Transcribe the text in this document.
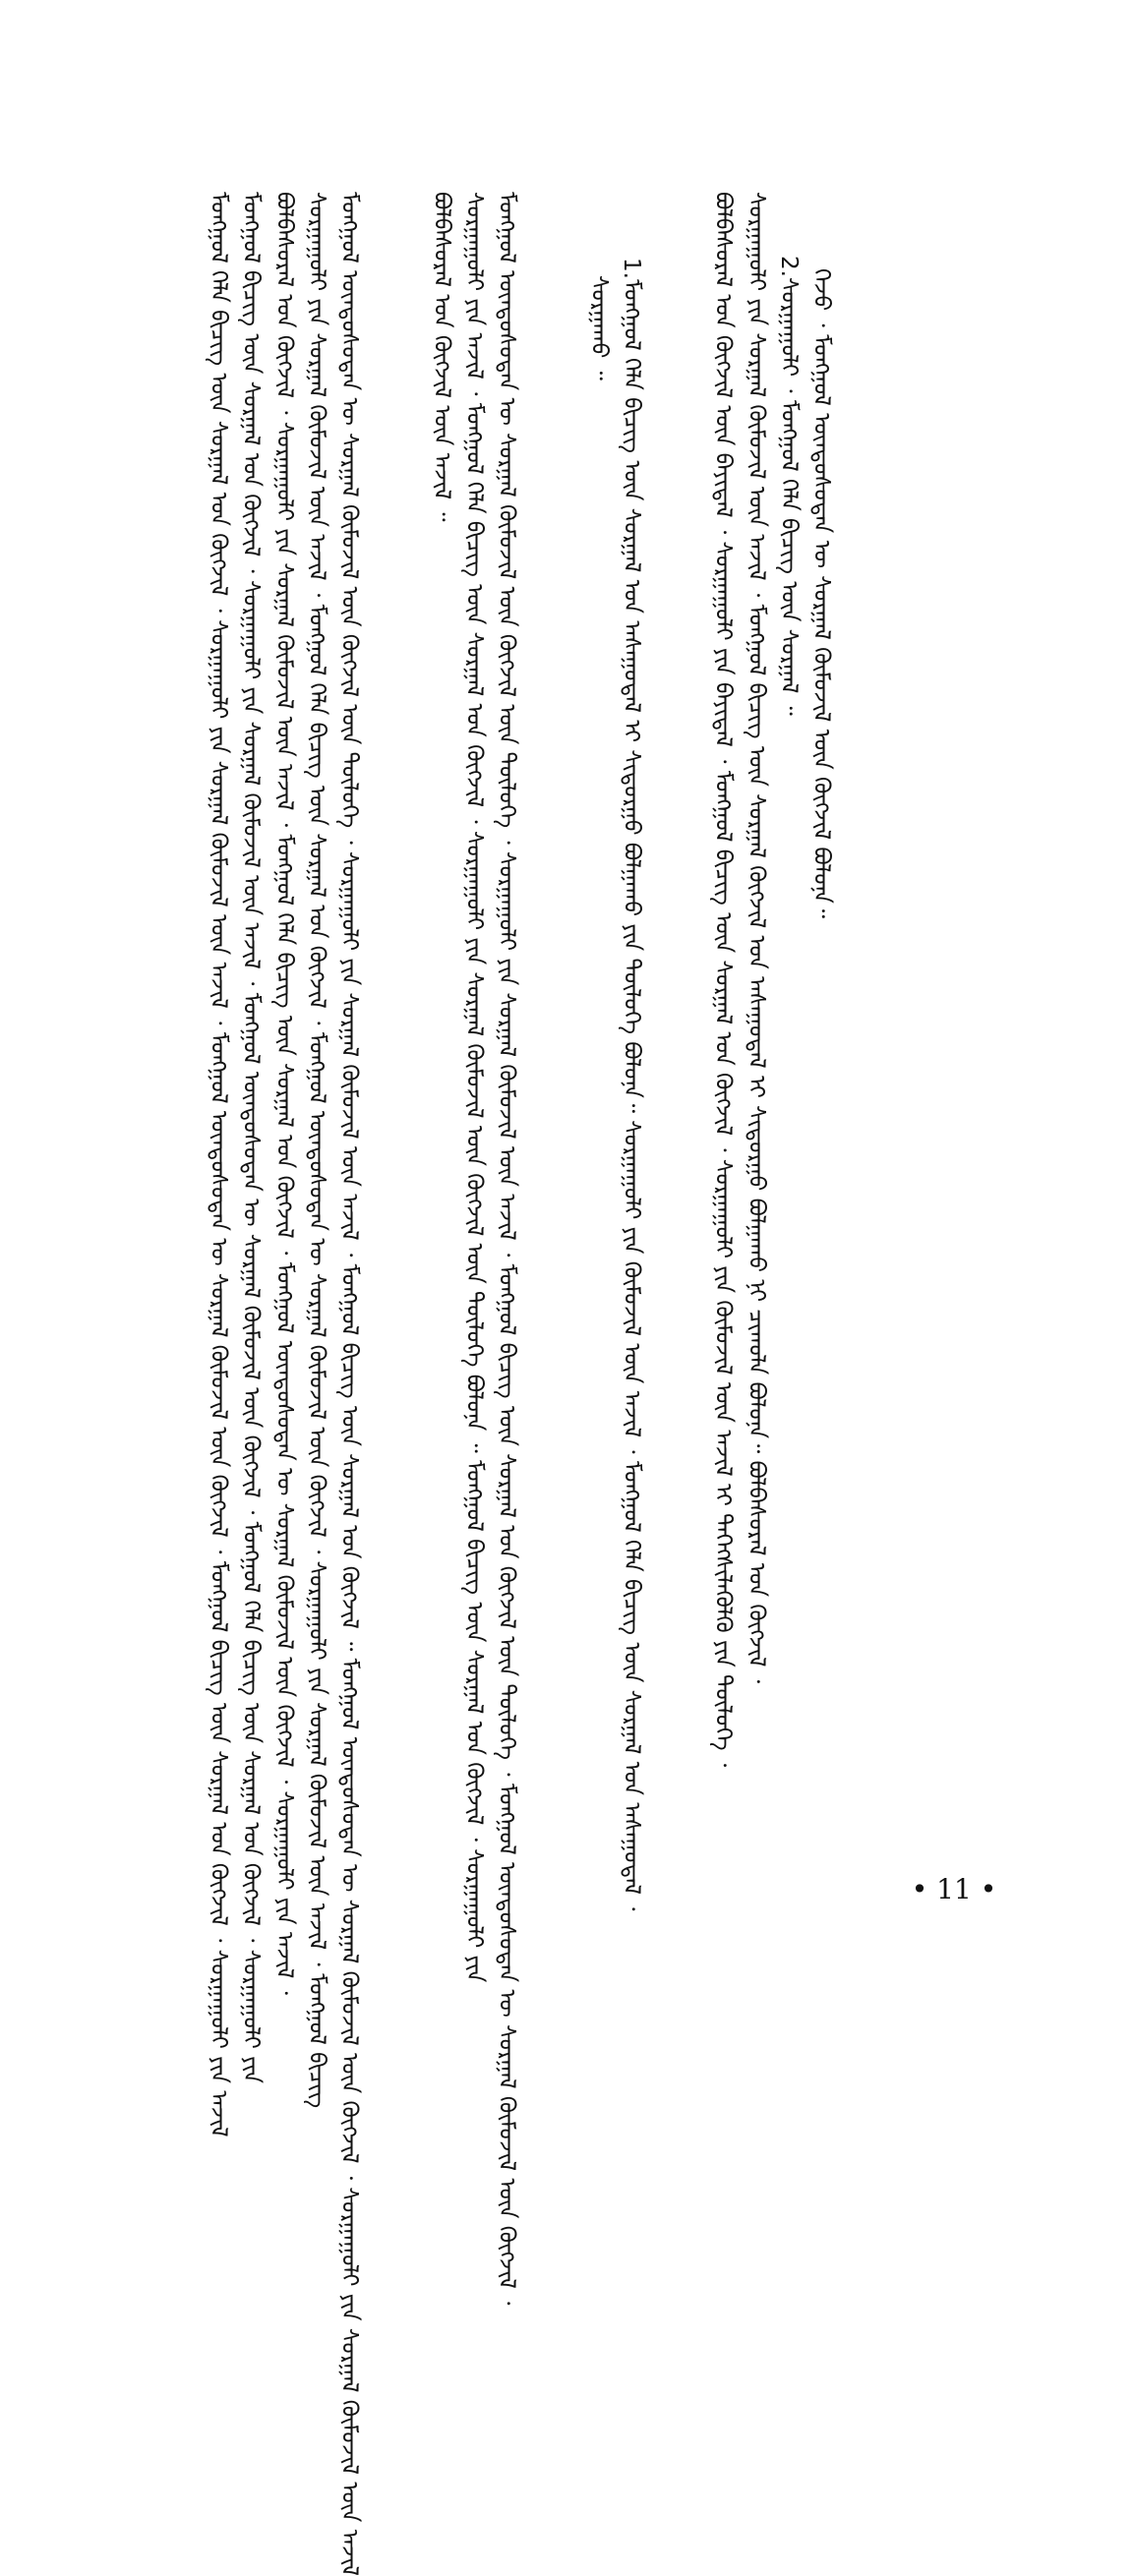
ᠬᠡᠵᠦ ᠂ ᠮᠣᠩᠭᠣᠯ ᠦᠨᠳᠦᠰᠦᠲᠡᠨ ᠦ ᠰᠤᠷᠭᠠᠯ ᠬᠦᠮᠦᠵᠢᠯ ᠦᠨ ᠬᠥᠭᠵᠢᠯ ᠪᠣᠯᠤᠨᠠ᠃
2.ᠰᠤᠷᠭᠠᠭᠤᠯᠢ ᠂ ᠮᠣᠩᠭᠣᠯ ᠬᠡᠯᠡ ᠪᠢᠴᠢᠭ ᠦᠨ ᠰᠤᠷᠭᠠᠯ ᠃
ᠰᠤᠷᠭᠠᠭᠤᠯᠢ ᠶᠢᠨ ᠰᠤᠷᠭᠠᠯ ᠬᠦᠮᠦᠵᠢᠯ ᠦᠨ ᠠᠵᠢᠯ ᠂ ᠮᠣᠩᠭᠣᠯ ᠪᠢᠴᠢᠭ ᠦᠨ ᠰᠤᠷᠭᠠᠯ ᠬᠥᠭᠵᠢᠯ ᠤᠨ ᠠᠰᠠᠭᠤᠳᠠᠯ ᠢ ᠰᠢᠳᠤᠷᠭᠤ ᠪᠣᠯᠭᠠᠬᠤ ᠨᠢ ᠴᠢᠬᠤᠯᠠ ᠪᠣᠯᠤᠨᠠ᠃ ᠪᠣᠯᠪᠠᠰᠤᠷᠠᠯ ᠤᠨ ᠬᠥᠭᠵᠢᠯ ᠂
ᠪᠣᠯᠪᠠᠰᠤᠷᠠᠯ ᠤᠨ ᠬᠥᠭᠵᠢᠯ ᠦᠨ ᠪᠠᠶᠢᠳᠠᠯ ᠂ ᠰᠤᠷᠭᠠᠭᠤᠯᠢ ᠶᠢᠨ ᠪᠠᠶᠢᠳᠠᠯ ᠂ ᠮᠣᠩᠭᠣᠯ ᠪᠢᠴᠢᠭ ᠦᠨ ᠰᠤᠷᠭᠠᠯ ᠤᠨ ᠬᠥᠭᠵᠢᠯ ᠂ ᠰᠤᠷᠭᠠᠭᠤᠯᠢ ᠶᠢᠨ ᠬᠦᠮᠦᠵᠢᠯ ᠦᠨ ᠠᠵᠢᠯ ᠢ ᠳᠡᠭᠡᠭᠰᠢᠯᠡᠭᠦᠯᠬᠦ ᠶᠢᠨ ᠲᠥᠯᠥᠭᠡ ᠂
1.ᠮᠣᠩᠭᠣᠯ ᠬᠡᠯᠡ ᠪᠢᠴᠢᠭ ᠦᠨ ᠰᠤᠷᠭᠠᠯ ᠤᠨ ᠠᠰᠠᠭᠤᠳᠠᠯ ᠢ ᠰᠢᠳᠤᠷᠭᠤ ᠪᠣᠯᠭᠠᠬᠤ ᠶᠢᠨ ᠲᠥᠯᠥᠭᠡ ᠪᠣᠯᠤᠨᠠ᠃ ᠰᠤᠷᠭᠠᠭᠤᠯᠢ ᠶᠢᠨ ᠬᠦᠮᠦᠵᠢᠯ ᠦᠨ ᠠᠵᠢᠯ ᠂ ᠮᠣᠩᠭᠣᠯ ᠬᠡᠯᠡ ᠪᠢᠴᠢᠭ ᠦᠨ ᠰᠤᠷᠭᠠᠯ ᠤᠨ ᠠᠰᠠᠭᠤᠳᠠᠯ ᠂
ᠰᠤᠷᠭᠠᠬᠤ ᠃
ᠮᠣᠩᠭᠣᠯ ᠦᠨᠳᠦᠰᠦᠲᠡᠨ ᠦ ᠰᠤᠷᠭᠠᠯ ᠬᠦᠮᠦᠵᠢᠯ ᠦᠨ ᠬᠥᠭᠵᠢᠯ ᠦᠨ ᠲᠥᠯᠥᠭᠡ ᠂ ᠰᠤᠷᠭᠠᠭᠤᠯᠢ ᠶᠢᠨ ᠰᠤᠷᠭᠠᠯ ᠬᠦᠮᠦᠵᠢᠯ ᠦᠨ ᠠᠵᠢᠯ ᠂ ᠮᠣᠩᠭᠣᠯ ᠪᠢᠴᠢᠭ ᠦᠨ ᠰᠤᠷᠭᠠᠯ ᠤᠨ ᠬᠥᠭᠵᠢᠯ ᠦᠨ ᠲᠥᠯᠥᠭᠡ ᠂ ᠮᠣᠩᠭᠣᠯ ᠦᠨᠳᠦᠰᠦᠲᠡᠨ ᠦ ᠰᠤᠷᠭᠠᠯ ᠬᠦᠮᠦᠵᠢᠯ ᠦᠨ ᠬᠥᠭᠵᠢᠯ ᠂
ᠰᠤᠷᠭᠠᠭᠤᠯᠢ ᠶᠢᠨ ᠠᠵᠢᠯ ᠂ ᠮᠣᠩᠭᠣᠯ ᠬᠡᠯᠡ ᠪᠢᠴᠢᠭ ᠦᠨ ᠰᠤᠷᠭᠠᠯ ᠤᠨ ᠬᠥᠭᠵᠢᠯ ᠂ ᠰᠤᠷᠭᠠᠭᠤᠯᠢ ᠶᠢᠨ ᠰᠤᠷᠭᠠᠯ ᠬᠦᠮᠦᠵᠢᠯ ᠦᠨ ᠬᠥᠭᠵᠢᠯ ᠦᠨ ᠲᠥᠯᠥᠭᠡ ᠪᠣᠯᠤᠨᠠ ᠃ ᠮᠣᠩᠭᠣᠯ ᠪᠢᠴᠢᠭ ᠦᠨ ᠰᠤᠷᠭᠠᠯ ᠤᠨ ᠬᠥᠭᠵᠢᠯ ᠂ ᠰᠤᠷᠭᠠᠭᠤᠯᠢ ᠶᠢᠨ
ᠪᠣᠯᠪᠠᠰᠤᠷᠠᠯ ᠤᠨ ᠬᠥᠭᠵᠢᠯ ᠦᠨ ᠠᠵᠢᠯ ᠃
ᠮᠣᠩᠭᠣᠯ ᠦᠨᠳᠦᠰᠦᠲᠡᠨ ᠦ ᠰᠤᠷᠭᠠᠯ ᠬᠦᠮᠦᠵᠢᠯ ᠦᠨ ᠬᠥᠭᠵᠢᠯ ᠦᠨ ᠲᠥᠯᠥᠭᠡ ᠂ ᠰᠤᠷᠭᠠᠭᠤᠯᠢ ᠶᠢᠨ ᠰᠤᠷᠭᠠᠯ ᠬᠦᠮᠦᠵᠢᠯ ᠦᠨ ᠠᠵᠢᠯ ᠂ ᠮᠣᠩᠭᠣᠯ ᠪᠢᠴᠢᠭ ᠦᠨ ᠰᠤᠷᠭᠠᠯ ᠤᠨ ᠬᠥᠭᠵᠢᠯ ᠃ ᠮᠣᠩᠭᠣᠯ ᠦᠨᠳᠦᠰᠦᠲᠡᠨ ᠦ ᠰᠤᠷᠭᠠᠯ ᠬᠦᠮᠦᠵᠢᠯ ᠦᠨ ᠬᠥᠭᠵᠢᠯ ᠂ ᠰᠤᠷᠭᠠᠭᠤᠯᠢ ᠶᠢᠨ ᠰᠤᠷᠭᠠᠯ ᠬᠦᠮᠦᠵᠢᠯ ᠦᠨ ᠠᠵᠢᠯ
ᠰᠤᠷᠭᠠᠭᠤᠯᠢ ᠶᠢᠨ ᠰᠤᠷᠭᠠᠯ ᠬᠦᠮᠦᠵᠢᠯ ᠦᠨ ᠠᠵᠢᠯ ᠂ ᠮᠣᠩᠭᠣᠯ ᠬᠡᠯᠡ ᠪᠢᠴᠢᠭ ᠦᠨ ᠰᠤᠷᠭᠠᠯ ᠤᠨ ᠬᠥᠭᠵᠢᠯ ᠂ ᠮᠣᠩᠭᠣᠯ ᠦᠨᠳᠦᠰᠦᠲᠡᠨ ᠦ ᠰᠤᠷᠭᠠᠯ ᠬᠦᠮᠦᠵᠢᠯ ᠦᠨ ᠬᠥᠭᠵᠢᠯ ᠂ ᠰᠤᠷᠭᠠᠭᠤᠯᠢ ᠶᠢᠨ ᠰᠤᠷᠭᠠᠯ ᠬᠦᠮᠦᠵᠢᠯ ᠦᠨ ᠠᠵᠢᠯ ᠂ ᠮᠣᠩᠭᠣᠯ ᠪᠢᠴᠢᠭ
ᠪᠣᠯᠪᠠᠰᠤᠷᠠᠯ ᠤᠨ ᠬᠥᠭᠵᠢᠯ ᠂ ᠰᠤᠷᠭᠠᠭᠤᠯᠢ ᠶᠢᠨ ᠰᠤᠷᠭᠠᠯ ᠬᠦᠮᠦᠵᠢᠯ ᠦᠨ ᠠᠵᠢᠯ ᠂ ᠮᠣᠩᠭᠣᠯ ᠬᠡᠯᠡ ᠪᠢᠴᠢᠭ ᠦᠨ ᠰᠤᠷᠭᠠᠯ ᠤᠨ ᠬᠥᠭᠵᠢᠯ ᠂ ᠮᠣᠩᠭᠣᠯ ᠦᠨᠳᠦᠰᠦᠲᠡᠨ ᠦ ᠰᠤᠷᠭᠠᠯ ᠬᠦᠮᠦᠵᠢᠯ ᠦᠨ ᠬᠥᠭᠵᠢᠯ ᠂ ᠰᠤᠷᠭᠠᠭᠤᠯᠢ ᠶᠢᠨ ᠠᠵᠢᠯ ᠂
ᠮᠣᠩᠭᠣᠯ ᠪᠢᠴᠢᠭ ᠦᠨ ᠰᠤᠷᠭᠠᠯ ᠤᠨ ᠬᠥᠭᠵᠢᠯ ᠂ ᠰᠤᠷᠭᠠᠭᠤᠯᠢ ᠶᠢᠨ ᠰᠤᠷᠭᠠᠯ ᠬᠦᠮᠦᠵᠢᠯ ᠦᠨ ᠠᠵᠢᠯ ᠂ ᠮᠣᠩᠭᠣᠯ ᠦᠨᠳᠦᠰᠦᠲᠡᠨ ᠦ ᠰᠤᠷᠭᠠᠯ ᠬᠦᠮᠦᠵᠢᠯ ᠦᠨ ᠬᠥᠭᠵᠢᠯ ᠂ ᠮᠣᠩᠭᠣᠯ ᠬᠡᠯᠡ ᠪᠢᠴᠢᠭ ᠦᠨ ᠰᠤᠷᠭᠠᠯ ᠤᠨ ᠬᠥᠭᠵᠢᠯ ᠂ ᠰᠤᠷᠭᠠᠭᠤᠯᠢ ᠶᠢᠨ
ᠮᠣᠩᠭᠣᠯ ᠬᠡᠯᠡ ᠪᠢᠴᠢᠭ ᠦᠨ ᠰᠤᠷᠭᠠᠯ ᠤᠨ ᠬᠥᠭᠵᠢᠯ ᠂ ᠰᠤᠷᠭᠠᠭᠤᠯᠢ ᠶᠢᠨ ᠰᠤᠷᠭᠠᠯ ᠬᠦᠮᠦᠵᠢᠯ ᠦᠨ ᠠᠵᠢᠯ ᠂ ᠮᠣᠩᠭᠣᠯ ᠦᠨᠳᠦᠰᠦᠲᠡᠨ ᠦ ᠰᠤᠷᠭᠠᠯ ᠬᠦᠮᠦᠵᠢᠯ ᠦᠨ ᠬᠥᠭᠵᠢᠯ ᠂ ᠮᠣᠩᠭᠣᠯ ᠪᠢᠴᠢᠭ ᠦᠨ ᠰᠤᠷᠭᠠᠯ ᠤᠨ ᠬᠥᠭᠵᠢᠯ ᠂ ᠰᠤᠷᠭᠠᠭᠤᠯᠢ ᠶᠢᠨ ᠠᠵᠢᠯ	• 11 •
